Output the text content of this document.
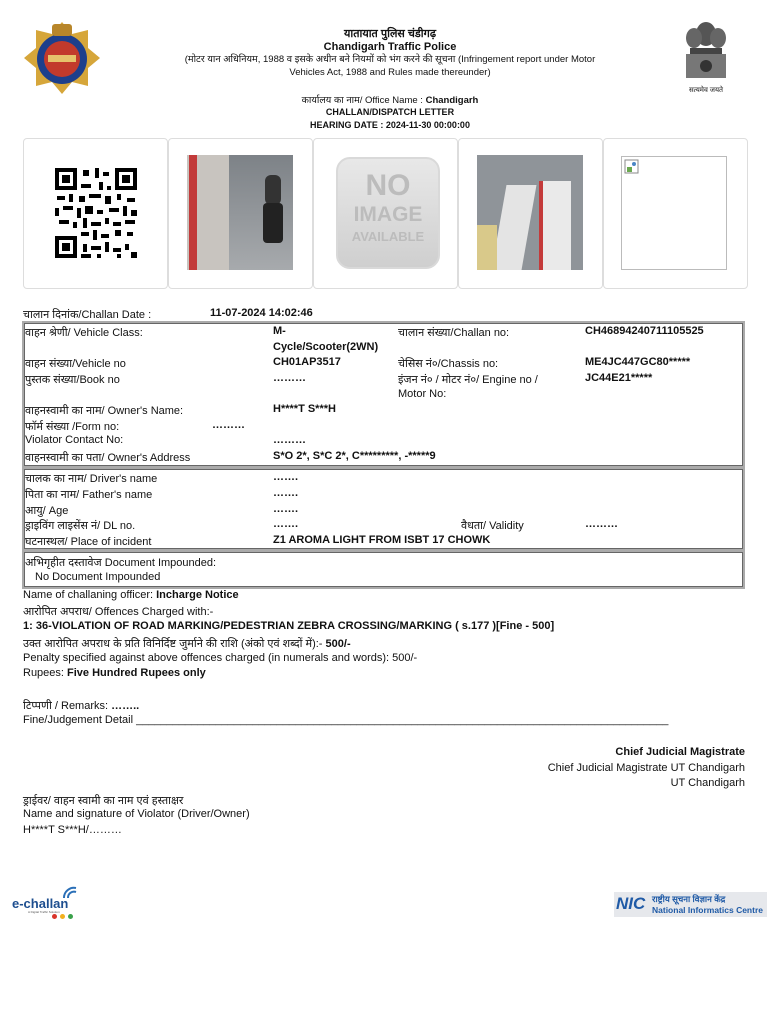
सत्यमेव जयते
यातायात पुलिस चंडीगढ़
Chandigarh Traffic Police
(मोटर यान अधिनियम, 1988 व इसके अधीन बने नियमों को भंग करने की सूचना (Infringement report under Motor
Vehicles Act, 1988 and Rules made thereunder)
कार्यालय का नाम/ Office Name : Chandigarh
CHALLAN/DISPATCH LETTER
HEARING DATE : 2024-11-30 00:00:00
NO
IMAGE
AVAILABLE
चालान दिनांक/Challan Date :	11-07-2024 14:02:46
वाहन श्रेणी/ Vehicle Class:	M-
Cycle/Scooter(2WN)
चालान संख्या/Challan no:	CH46894240711105525
वाहन संख्या/Vehicle no	CH01AP3517	चेसिस नं०/Chassis no:	ME4JC447GC80*****
पुस्तक संख्या/Book no	………	इंजन नं० / मोटर नं०/ Engine no /
Motor No:
JC44E21*****
वाहनस्वामी का नाम/ Owner's Name:	H****T S***H
फॉर्म संख्या /Form no:	………
Violator Contact No:	………
वाहनस्वामी का पता/ Owner's Address	S*O 2*, S*C 2*, C*********, -*****9
चालक का नाम/ Driver's name	…….
पिता का नाम/ Father's name	…….
आयु/ Age	…….
ड्राइविंग लाइसेंस नं/ DL no.	…….	वैधता/ Validity	………
घटनास्थल/ Place of incident	Z1 AROMA LIGHT FROM ISBT 17 CHOWK
अभिगृहीत दस्तावेज Document Impounded:
No Document Impounded
Name of challaning officer: Incharge Notice
आरोपित अपराध/ Offences Charged with:-
1: 36-VIOLATION OF ROAD MARKING/PEDESTRIAN ZEBRA CROSSING/MARKING ( s.177 )[Fine - 500]
उक्त आरोपित अपराध के प्रति विनिर्दिष्ट जुर्माने की राशि (अंको एवं शब्दों में):- 500/-
Penalty specified against above offences charged (in numerals and words): 500/-
Rupees: Five Hundred Rupees only
टिप्पणी / Remarks: ……..
Fine/Judgement Detail _______________________________________________________________________________________
Chief Judicial Magistrate
Chief Judicial Magistrate UT Chandigarh
UT Chandigarh
ड्राईवर/ वाहन स्वामी का नाम एवं हस्ताक्षर
Name and signature of Violator (Driver/Owner)
H****T S***H/………
e-challan
A Digital Traffic Solution	NIC राष्ट्रीय सूचना विज्ञान केंद्र
National Informatics Centre
